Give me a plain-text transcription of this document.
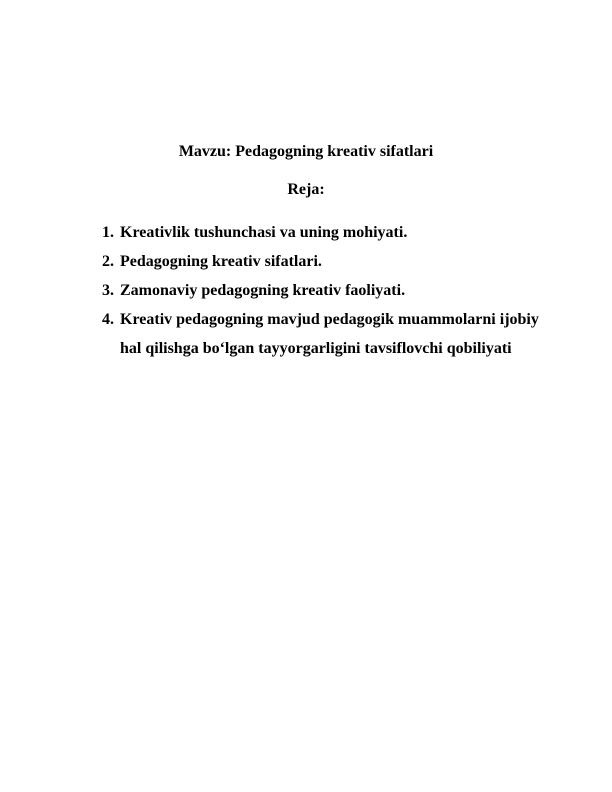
Mavzu: Pedagogning kreativ sifatlari
Reja:
1. Kreativlik tushunchasi va uning mohiyati.
2. Pedagogning kreativ sifatlari.
3. Zamonaviy pedagogning kreativ faoliyati.
4. Kreativ pedagogning mavjud pedagogik muammolarni ijobiy hal qilishga bo‘lgan tayyorgarligini tavsiflovchi qobiliyati
